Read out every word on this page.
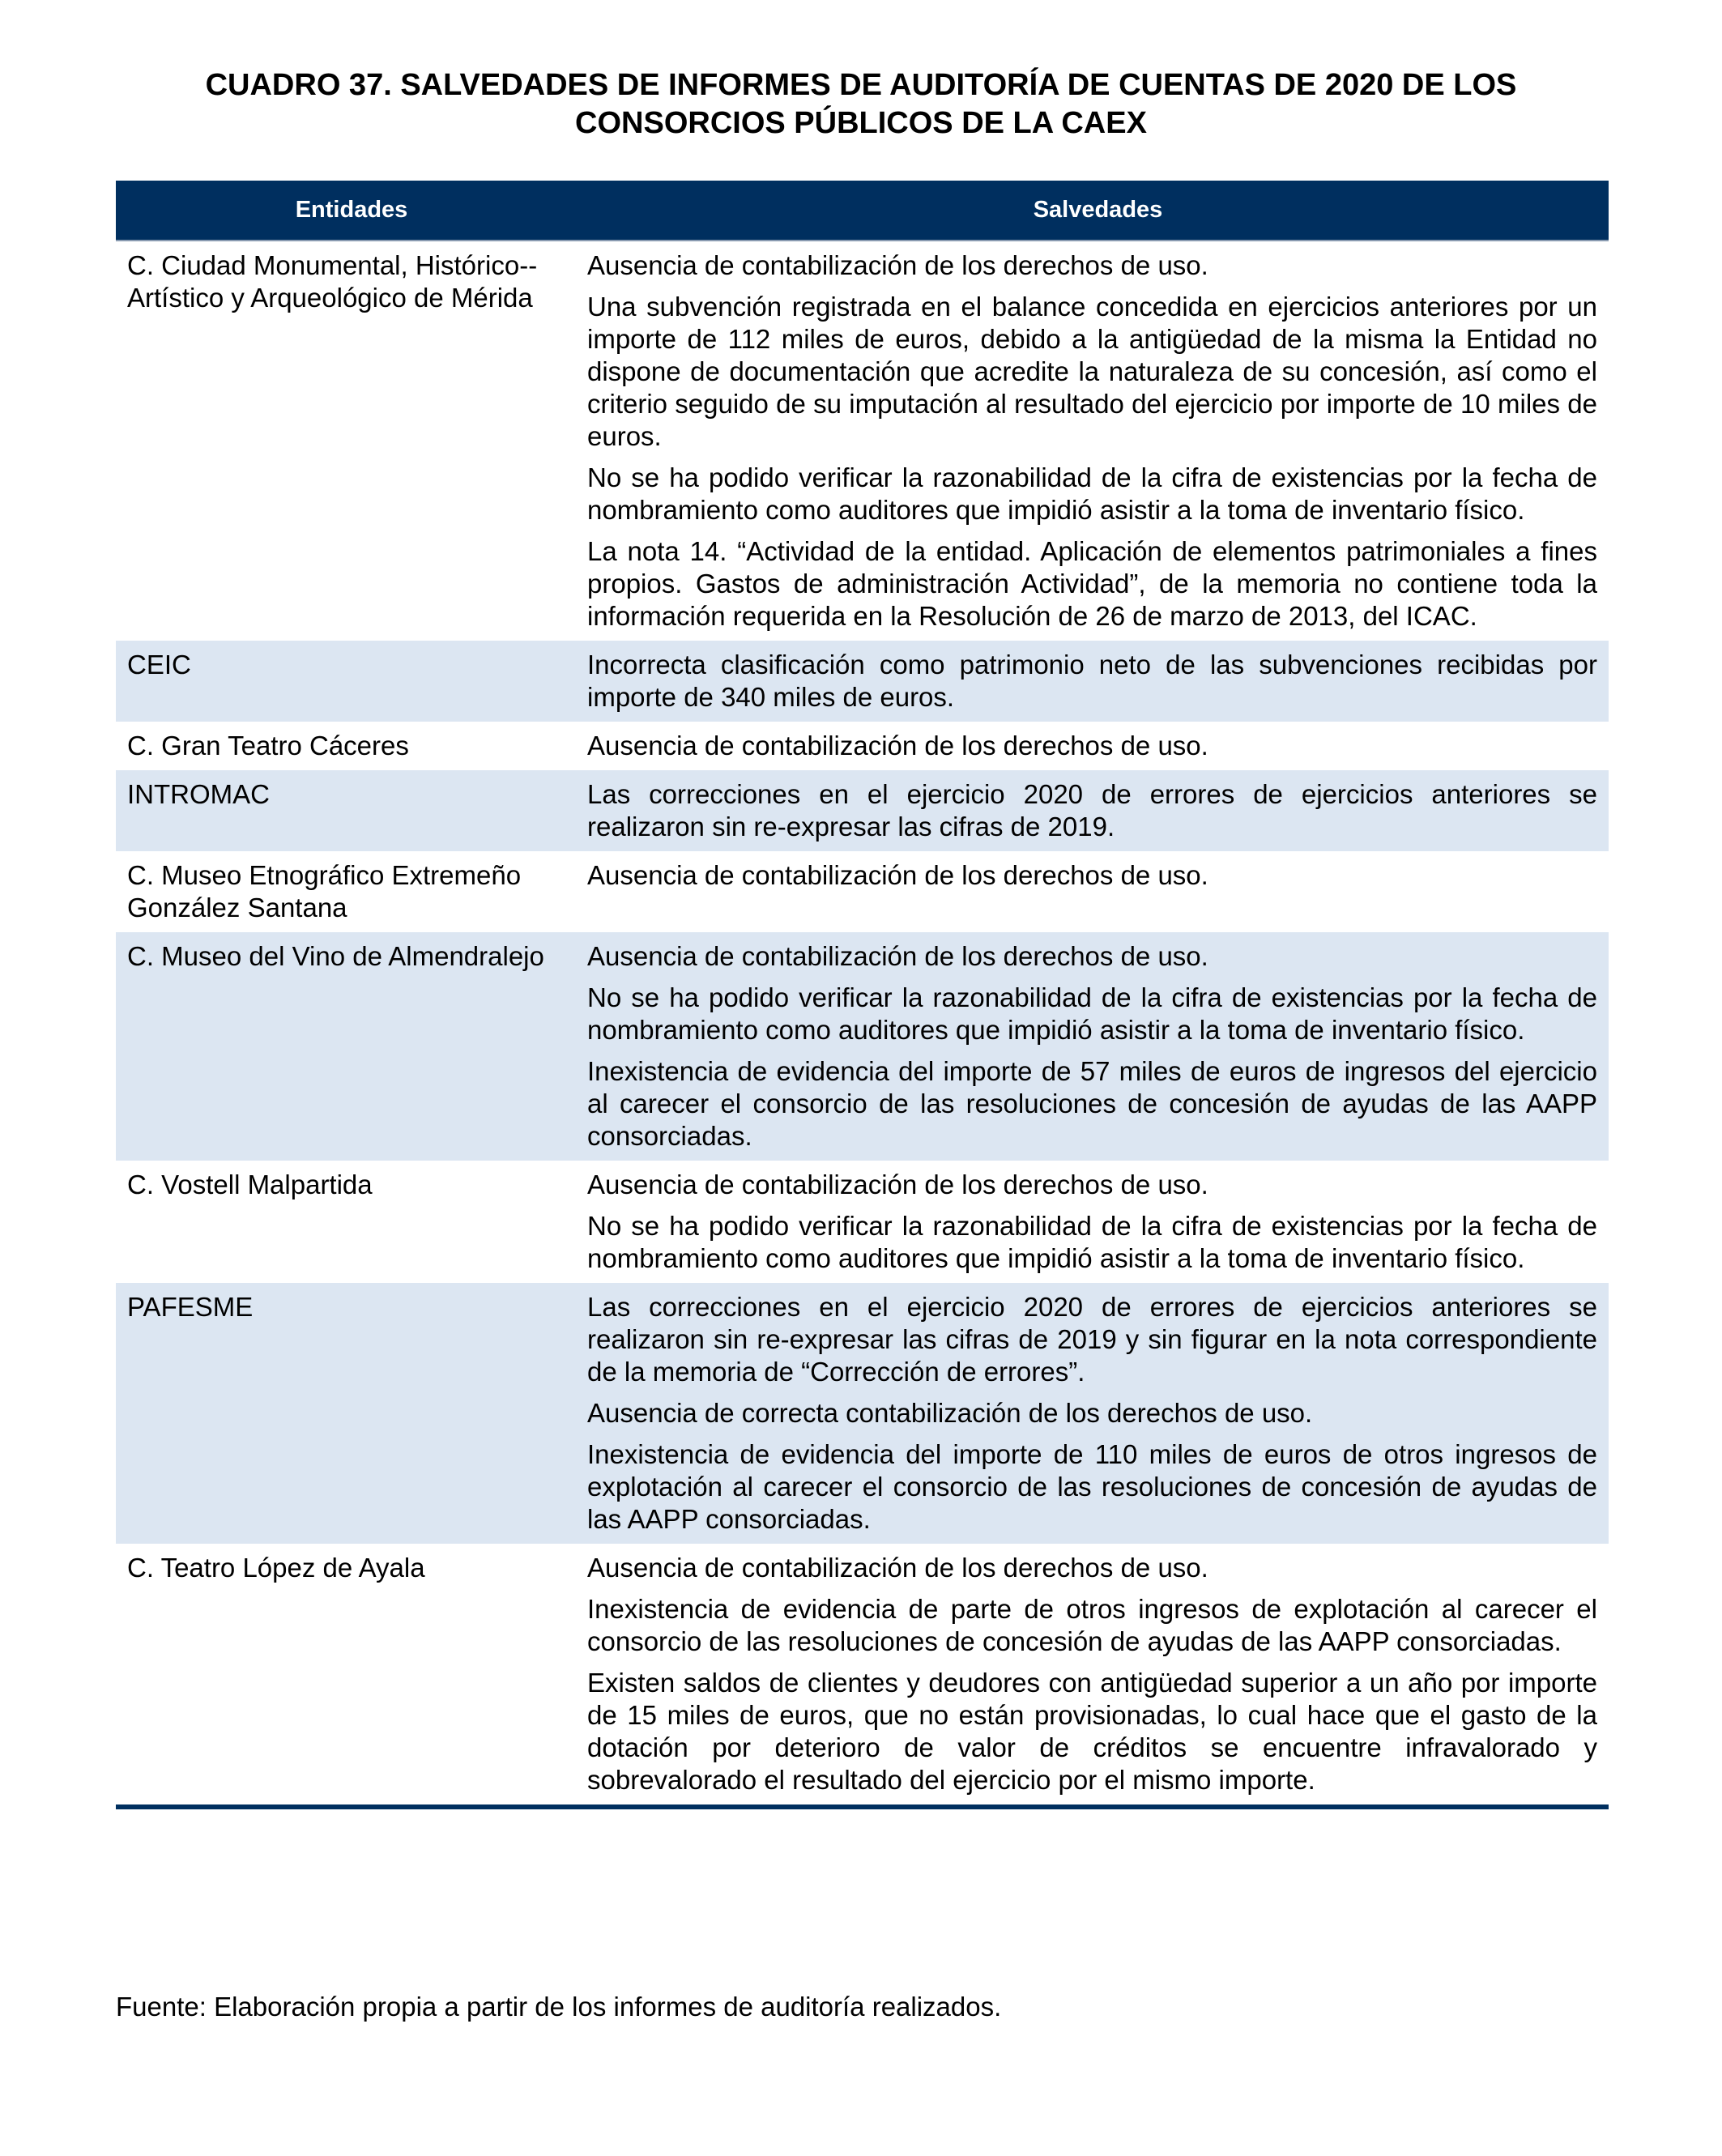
CUADRO 37. SALVEDADES DE INFORMES DE AUDITORÍA DE CUENTAS DE 2020 DE LOS
CONSORCIOS PÚBLICOS DE LA CAEX
Entidades	Salvedades
C. Ciudad Monumental, Histórico--Artístico y Arqueológico de Mérida	Ausencia de contabilización de los derechos de uso.

Una subvención registrada en el balance concedida en ejercicios anteriores por un importe de 112 miles de euros, debido a la antigüedad de la misma la Entidad no dispone de documentación que acredite la naturaleza de su concesión, así como el criterio seguido de su imputación al resultado del ejercicio por importe de 10 miles de euros.

No se ha podido verificar la razonabilidad de la cifra de existencias por la fecha de nombramiento como auditores que impidió asistir a la toma de inventario físico.

La nota 14. “Actividad de la entidad. Aplicación de elementos patrimoniales a fines propios. Gastos de administración Actividad”, de la memoria no contiene toda la información requerida en la Resolución de 26 de marzo de 2013, del ICAC.

CEIC	Incorrecta clasificación como patrimonio neto de las subvenciones recibidas por importe de 340 miles de euros.

C. Gran Teatro Cáceres	Ausencia de contabilización de los derechos de uso.

INTROMAC	Las correcciones en el ejercicio 2020 de errores de ejercicios anteriores se realizaron sin re-expresar las cifras de 2019.

C. Museo Etnográfico Extremeño González Santana	Ausencia de contabilización de los derechos de uso.

C. Museo del Vino de Almendralejo	Ausencia de contabilización de los derechos de uso.

No se ha podido verificar la razonabilidad de la cifra de existencias por la fecha de nombramiento como auditores que impidió asistir a la toma de inventario físico.

Inexistencia de evidencia del importe de 57 miles de euros de ingresos del ejercicio al carecer el consorcio de las resoluciones de concesión de ayudas de las AAPP consorciadas.

C. Vostell Malpartida	Ausencia de contabilización de los derechos de uso.

No se ha podido verificar la razonabilidad de la cifra de existencias por la fecha de nombramiento como auditores que impidió asistir a la toma de inventario físico.

PAFESME	Las correcciones en el ejercicio 2020 de errores de ejercicios anteriores se realizaron sin re-expresar las cifras de 2019 y sin figurar en la nota correspondiente de la memoria de “Corrección de errores”.

Ausencia de correcta contabilización de los derechos de uso.

Inexistencia de evidencia del importe de 110 miles de euros de otros ingresos de explotación al carecer el consorcio de las resoluciones de concesión de ayudas de las AAPP consorciadas.

C. Teatro López de Ayala	Ausencia de contabilización de los derechos de uso.

Inexistencia de evidencia de parte de otros ingresos de explotación al carecer el consorcio de las resoluciones de concesión de ayudas de las AAPP consorciadas.

Existen saldos de clientes y deudores con antigüedad superior a un año por importe de 15 miles de euros, que no están provisionadas, lo cual hace que el gasto de la dotación por deterioro de valor de créditos se encuentre infravalorado y sobrevalorado el resultado del ejercicio por el mismo importe.

Fuente: Elaboración propia a partir de los informes de auditoría realizados.
